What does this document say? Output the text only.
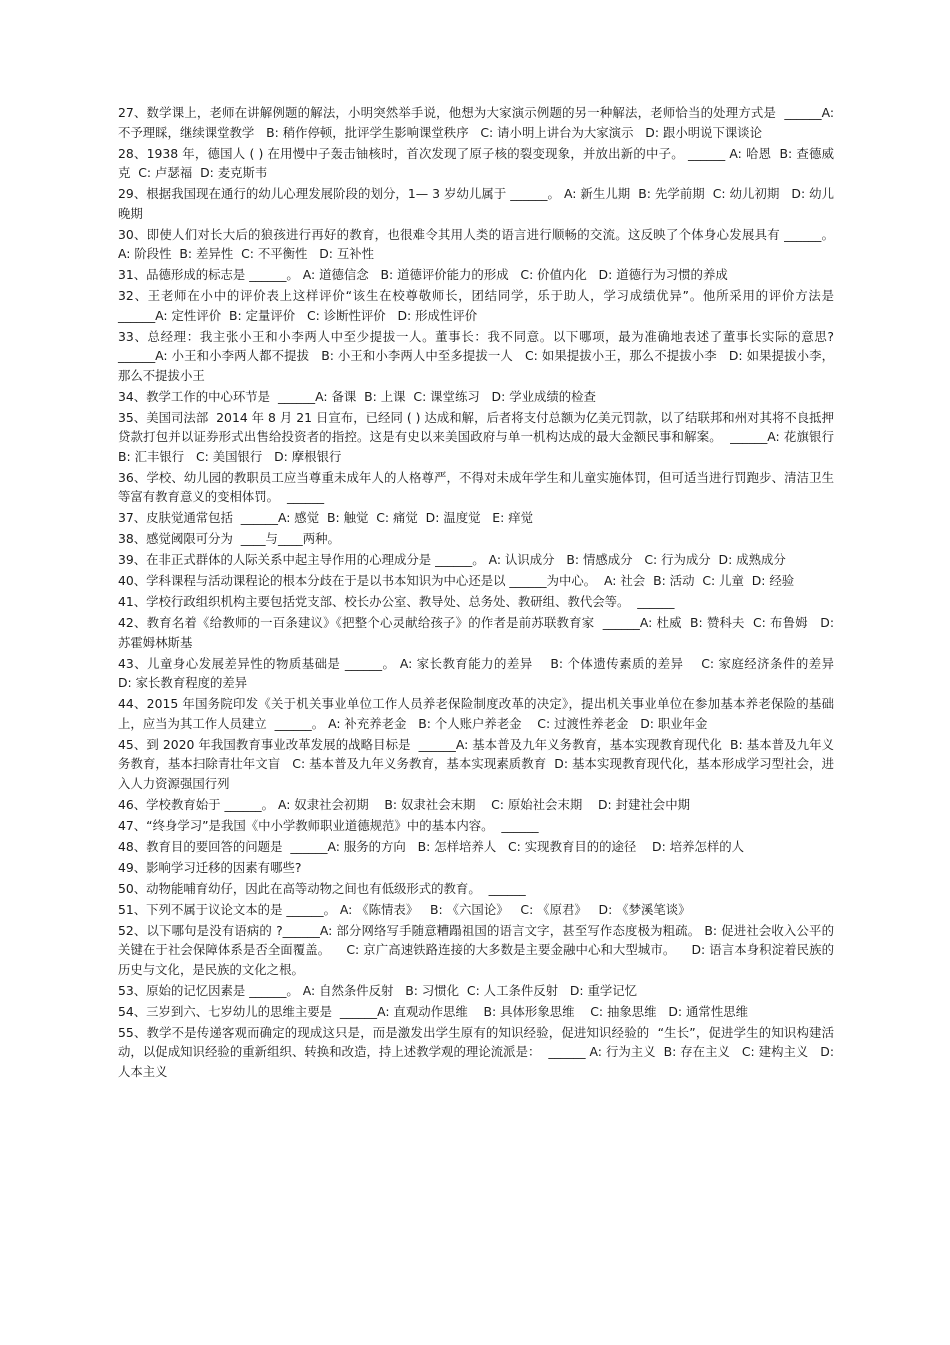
27、数学课上，老师在讲解例题的解法，小明突然举手说，他想为大家演示例题的另一种解法，老师恰当的处理方式是  ______A: 不予理睬，继续课堂教学   B: 稍作停顿，批评学生影响课堂秩序   C: 请小明上讲台为大家演示   D: 跟小明说下课谈论

28、1938 年，德国人 ( ) 在用慢中子轰击铀核时，首次发现了原子核的裂变现象，并放出新的中子。 ______ A: 哈恩  B: 查德威克  C: 卢瑟福  D: 麦克斯韦

29、根据我国现在通行的幼儿心理发展阶段的划分，1— 3 岁幼儿属于 ______。 A: 新生儿期  B: 先学前期  C: 幼儿初期   D: 幼儿晚期

30、即使人们对长大后的狼孩进行再好的教育，也很难令其用人类的语言进行顺畅的交流。这反映了个体身心发展具有 ______。 A: 阶段性  B: 差异性  C: 不平衡性   D: 互补性

31、品德形成的标志是 ______。 A: 道德信念   B: 道德评价能力的形成   C: 价值内化   D: 道德行为习惯的养成

32、王老师在小中的评价表上这样评价“该生在校尊敬师长，团结同学，乐于助人，学习成绩优异”。他所采用的评价方法是  ______A: 定性评价  B: 定量评价   C: 诊断性评价   D: 形成性评价

33、总经理：我主张小王和小李两人中至少提拔一人。董事长：我不同意。以下哪项，最为准确地表述了董事长实际的意思?  ______A: 小王和小李两人都不提拔   B: 小王和小李两人中至多提拔一人   C: 如果提拔小王，那么不提拔小李   D: 如果提拔小李，那么不提拔小王

34、教学工作的中心环节是  ______A: 备课  B: 上课  C: 课堂练习   D: 学业成绩的检查

35、美国司法部  2014 年 8 月 21 日宣布，已经同 ( ) 达成和解，后者将支付总额为亿美元罚款，以了结联邦和州对其将不良抵押贷款打包并以证券形式出售给投资者的指控。这是有史以来美国政府与单一机构达成的最大金额民事和解案。  ______A: 花旗银行   B: 汇丰银行   C: 美国银行   D: 摩根银行

36、学校、幼儿园的教职员工应当尊重未成年人的人格尊严，不得对未成年学生和儿童实施体罚，但可适当进行罚跑步、清洁卫生等富有教育意义的变相体罚。  ______

37、皮肤觉通常包括  ______A: 感觉  B: 触觉  C: 痛觉  D: 温度觉   E: 痒觉

38、感觉阈限可分为  ____与____两种。

39、在非正式群体的人际关系中起主导作用的心理成分是 ______。 A: 认识成分   B: 情感成分   C: 行为成分  D: 成熟成分

40、学科课程与活动课程论的根本分歧在于是以书本知识为中心还是以 ______为中心。  A: 社会  B: 活动  C: 儿童  D: 经验

41、学校行政组织机构主要包括党支部、校长办公室、教导处、总务处、教研组、教代会等。  ______

42、教育名着《给教师的一百条建议》《把整个心灵献给孩子》的作者是前苏联教育家  ______A: 杜威  B: 赞科夫  C: 布鲁姆   D: 苏霍姆林斯基

43、儿童身心发展差异性的物质基础是 ______。 A: 家长教育能力的差异    B: 个体遗传素质的差异    C: 家庭经济条件的差异    D: 家长教育程度的差异

44、2015 年国务院印发《关于机关事业单位工作人员养老保险制度改革的决定》，提出机关事业单位在参加基本养老保险的基础上，应当为其工作人员建立  ______。 A: 补充养老金   B: 个人账户养老金    C: 过渡性养老金   D: 职业年金

45、到 2020 年我国教育事业改革发展的战略目标是  ______A: 基本普及九年义务教育，基本实现教育现代化  B: 基本普及九年义务教育，基本扫除青壮年文盲   C: 基本普及九年义务教育，基本实现素质教育  D: 基本实现教育现代化，基本形成学习型社会，进入人力资源强国行列

46、学校教育始于 ______。 A: 奴隶社会初期    B: 奴隶社会末期    C: 原始社会末期    D: 封建社会中期

47、“终身学习”是我国《中小学教师职业道德规范》中的基本内容。  ______

48、教育目的要回答的问题是  ______A: 服务的方向   B: 怎样培养人   C: 实现教育目的的途径    D: 培养怎样的人

49、影响学习迁移的因素有哪些?

50、动物能哺育幼仔，因此在高等动物之间也有低级形式的教育。  ______

51、下列不属于议论文本的是 ______。 A: 《陈情表》   B: 《六国论》   C: 《原君》   D: 《梦溪笔谈》

52、以下哪句是没有语病的 ?______A: 部分网络写手随意糟蹋祖国的语言文字，甚至写作态度极为粗疏。 B: 促进社会收入公平的关键在于社会保障体系是否全面覆盖。    C: 京广高速铁路连接的大多数是主要金融中心和大型城市。    D: 语言本身积淀着民族的历史与文化，是民族的文化之根。

53、原始的记忆因素是 ______。 A: 自然条件反射   B: 习惯化  C: 人工条件反射   D: 重学记忆

54、三岁到六、七岁幼儿的思维主要是  ______A: 直观动作思维    B: 具体形象思维    C: 抽象思维   D: 通常性思维

55、教学不是传递客观而确定的现成这只是，而是激发出学生原有的知识经验，促进知识经验的  “生长”，促进学生的知识构建活动，以促成知识经验的重新组织、转换和改造，持上述教学观的理论流派是：  ______ A: 行为主义  B: 存在主义   C: 建构主义   D: 人本主义
